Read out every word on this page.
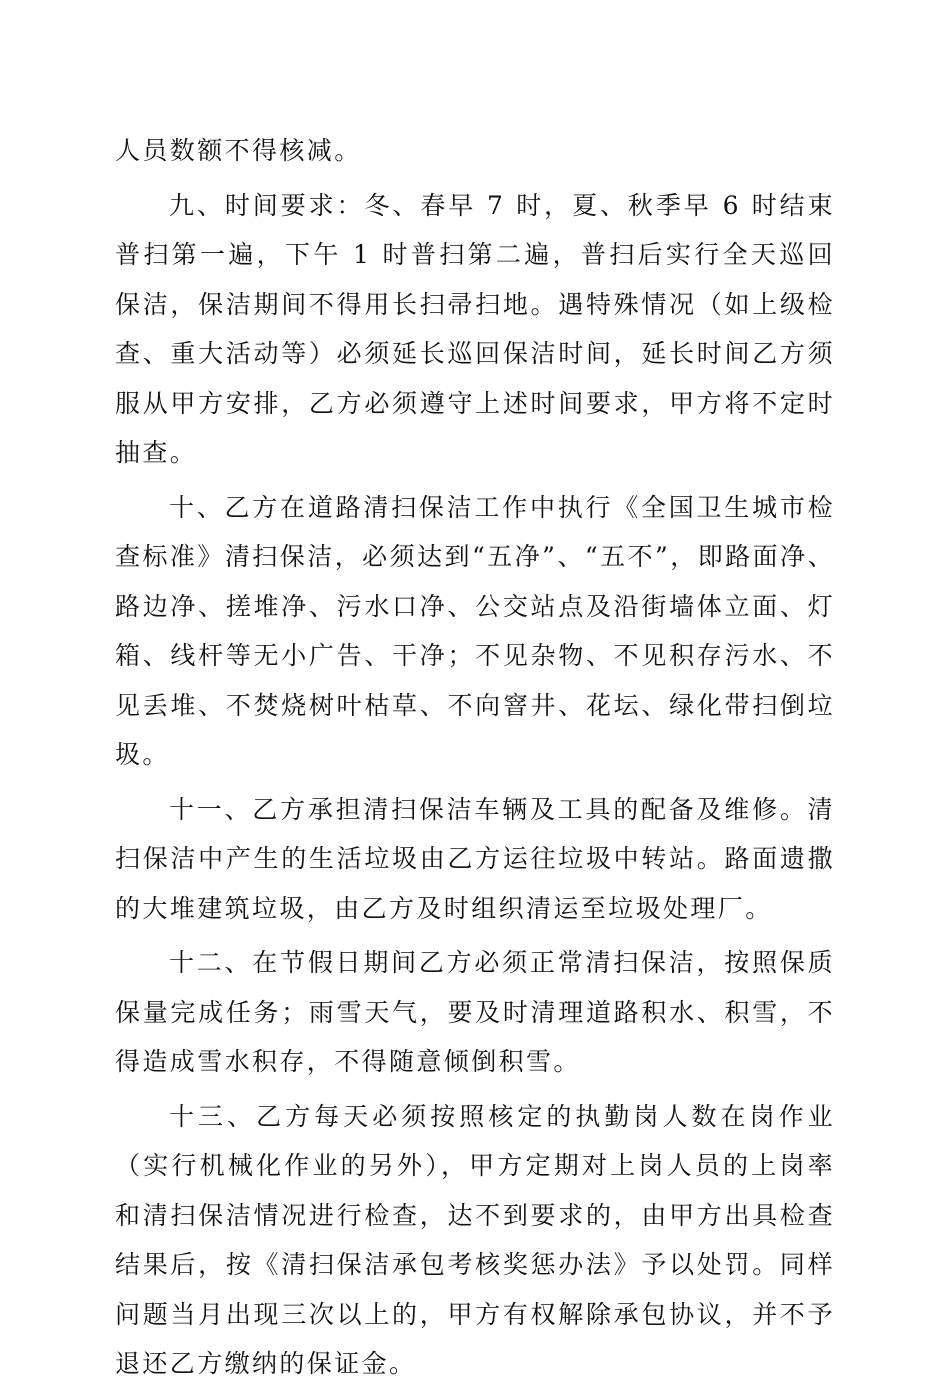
人员数额不得核减。

九、时间要求：冬、春早 7 时，夏、秋季早 6 时结束普扫第一遍，下午 1 时普扫第二遍，普扫后实行全天巡回保洁，保洁期间不得用长扫帚扫地。遇特殊情况（如上级检查、重大活动等）必须延长巡回保洁时间，延长时间乙方须服从甲方安排，乙方必须遵守上述时间要求，甲方将不定时抽查。

十、乙方在道路清扫保洁工作中执行《全国卫生城市检查标准》清扫保洁，必须达到“五净”、“五不”，即路面净、路边净、搓堆净、污水口净、公交站点及沿街墙体立面、灯箱、线杆等无小广告、干净；不见杂物、不见积存污水、不见丢堆、不焚烧树叶枯草、不向窨井、花坛、绿化带扫倒垃圾。

十一、乙方承担清扫保洁车辆及工具的配备及维修。清扫保洁中产生的生活垃圾由乙方运往垃圾中转站。路面遗撒的大堆建筑垃圾，由乙方及时组织清运至垃圾处理厂。

十二、在节假日期间乙方必须正常清扫保洁，按照保质保量完成任务；雨雪天气，要及时清理道路积水、积雪，不得造成雪水积存，不得随意倾倒积雪。

十三、乙方每天必须按照核定的执勤岗人数在岗作业（实行机械化作业的另外），甲方定期对上岗人员的上岗率和清扫保洁情况进行检查，达不到要求的，由甲方出具检查结果后，按《清扫保洁承包考核奖惩办法》予以处罚。同样问题当月出现三次以上的，甲方有权解除承包协议，并不予退还乙方缴纳的保证金。
